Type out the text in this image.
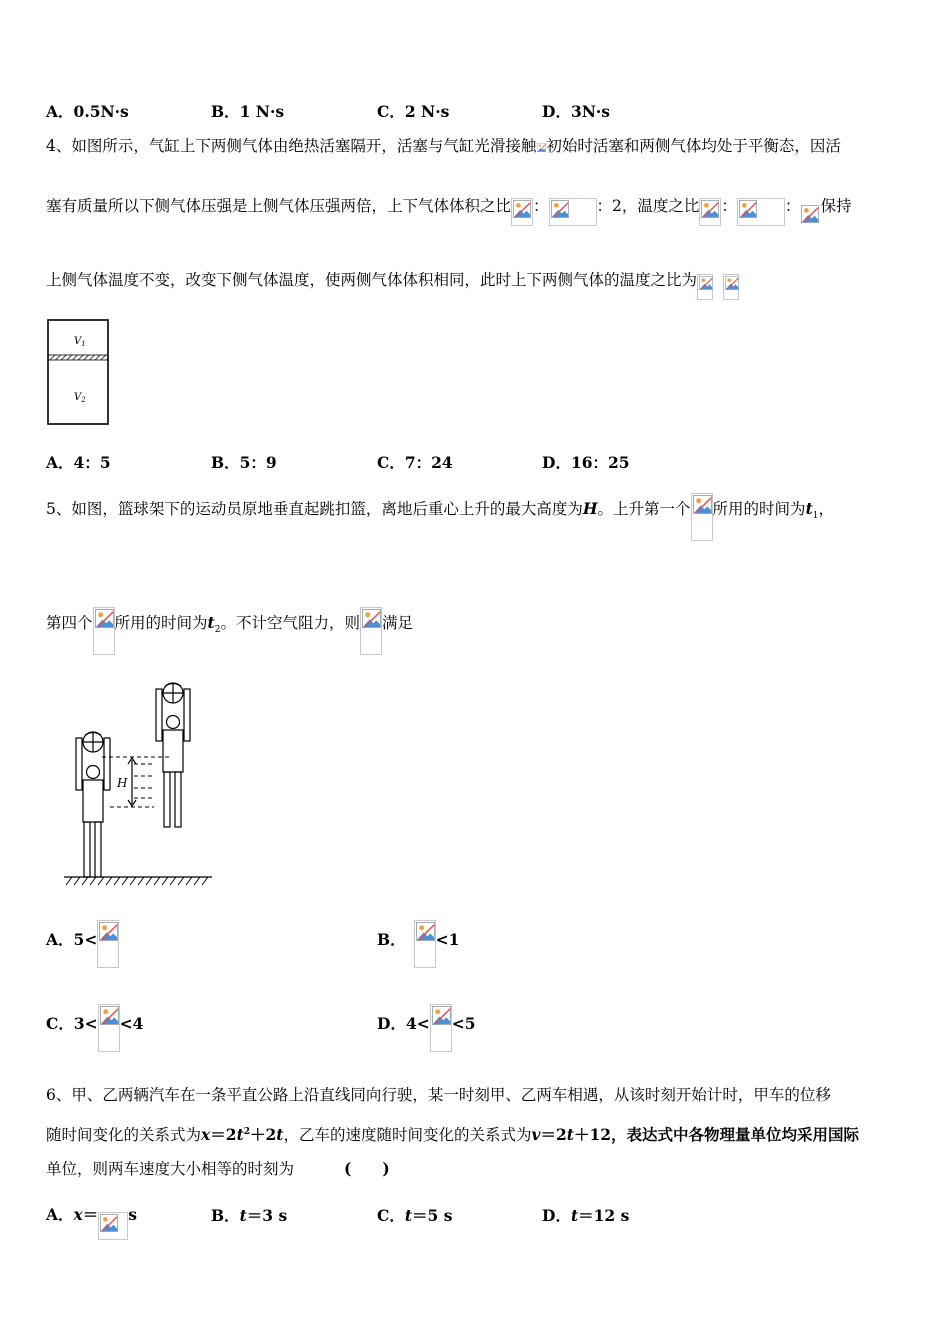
A．0.5N·s	B．1 N·s	C．2 N·s	D．3N·s
4、如图所示，气缸上下两侧气体由绝热活塞隔开，活塞与气缸光滑接触 初始时活塞和两侧气体均处于平衡态，因活
塞有质量所以下侧气体压强是上侧气体压强两倍，上下气体体积之比 ：	：2，温度之比 ：	： 保持
上侧气体温度不变，改变下侧气体温度，使两侧气体体积相同，此时上下两侧气体的温度之比为
$V_1$
$V_2$
A．4：5	B．5：9	C．7：24	D．16：25
5、如图，篮球架下的运动员原地垂直起跳扣篮，离地后重心上升的最大高度为H。上升第一个 所用的时间为$t_1$，
第四个 所用的时间为$t_2$。不计空气阻力，则 满足
H
A．5<	B． <1
C．3< <4	D．4< <5
6、甲、乙两辆汽车在一条平直公路上沿直线同向行驶，某一时刻甲、乙两车相遇，从该时刻开始计时，甲车的位移
随时间变化的关系式为$x=2t^2+2t$，乙车的速度随时间变化的关系式为v＝2t＋12，表达式中各物理量单位均采用国际
单位，则两车速度大小相等的时刻为	(　　)
A．x＝ s	B．t＝3 s	C．t＝5 s	D．t＝12 s
